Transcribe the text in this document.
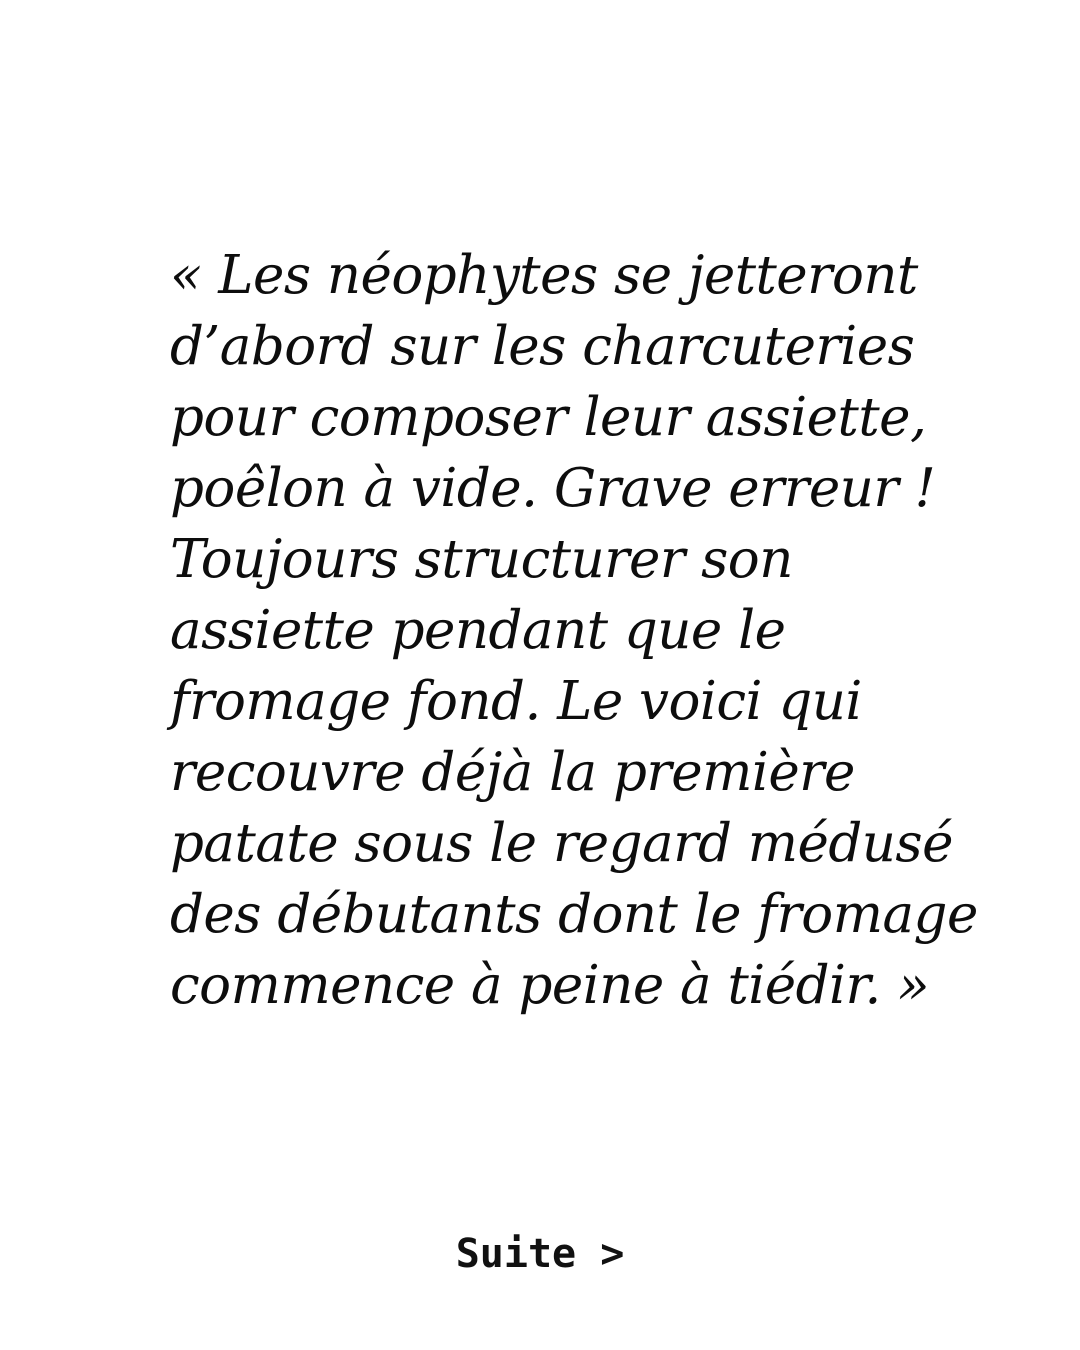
« Les néophytes se jetteront
d’abord sur les charcuteries
pour composer leur assiette,
poêlon à vide. Grave erreur !
Toujours structurer son
assiette pendant que le
fromage fond. Le voici qui
recouvre déjà la première
patate sous le regard médusé
des débutants dont le fromage
commence à peine à tiédir. »
Suite >
